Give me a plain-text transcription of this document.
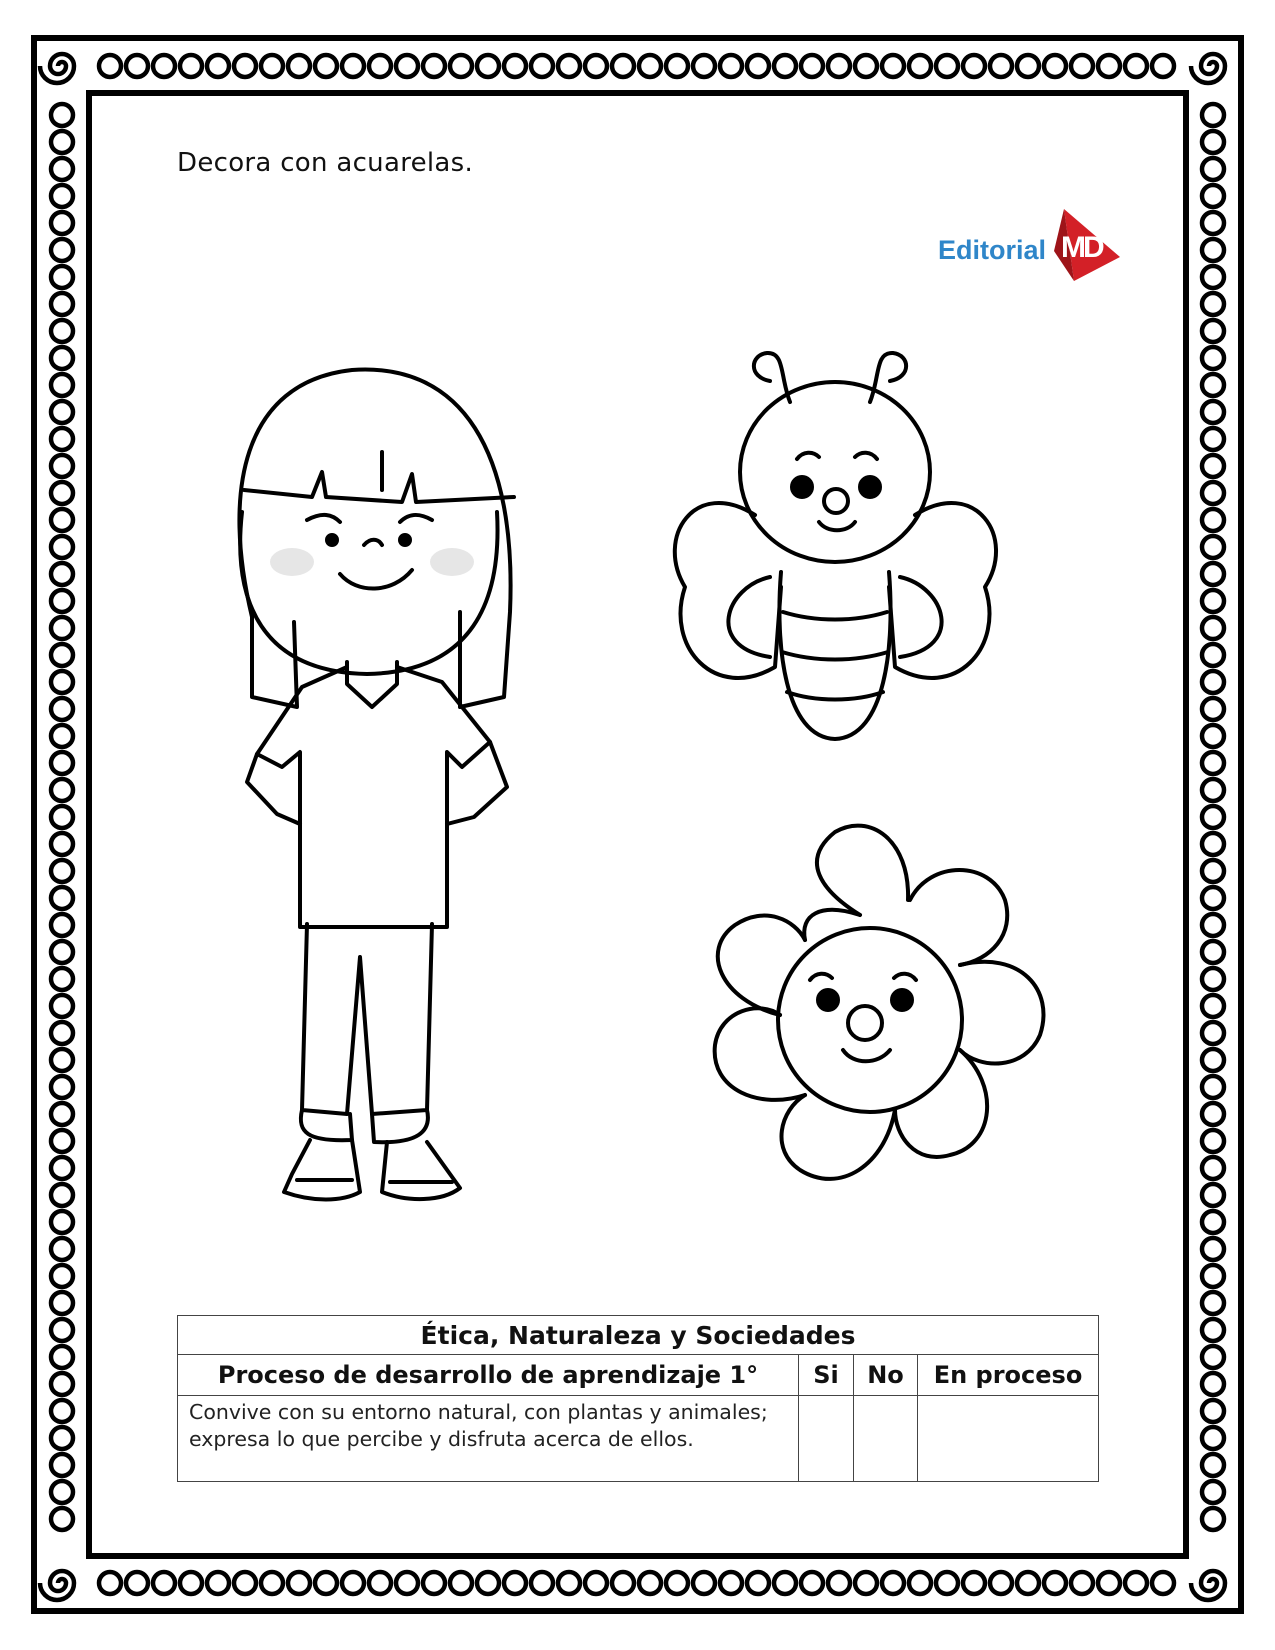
Decora con acuarelas.
Editorial MD
Ética, Naturaleza y Sociedades			
Proceso de desarrollo de aprendizaje 1°	Si	No	En proceso
Convive con su entorno natural, con plantas y animales; expresa lo que percibe y disfruta acerca de ellos.			
